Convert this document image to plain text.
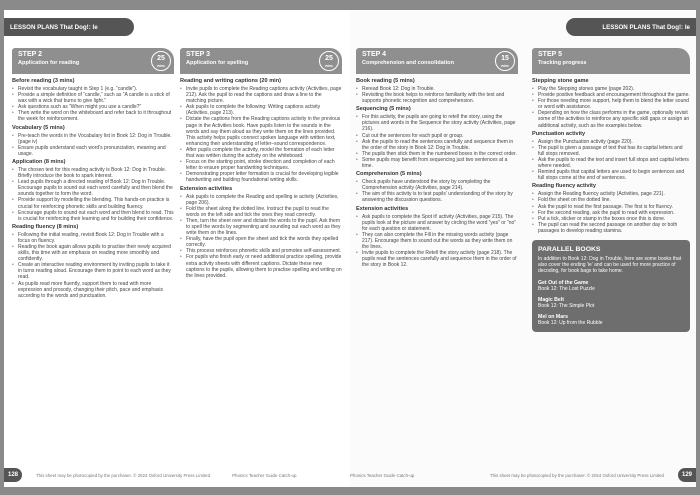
LESSON PLANS That Dog!: Ie
STEP 2
Application for reading
25
mins
Before reading (3 mins)
• Revisit the vocabulary taught in Step 1 (e.g. “candle”).
• Provide a simple definition of “candle,” such as “A candle is a stick of wax with a wick that burns to give light.”
• Ask questions such as “When might you use a candle?”
• Then write the word on the whiteboard and refer back to it throughout the week for reinforcement.
Vocabulary (5 mins)
• Pre-teach the words in the Vocabulary list in Book 12: Dog in Trouble. (page iv)
• Ensure pupils understand each word's pronunciation, meaning and usage.
Application (8 mins)
• The chosen text for this reading activity is Book 12: Dog in Trouble. Briefly introduce the book to spark interest.
• Lead pupils through a directed reading of Book 12: Dog in Trouble. Encourage pupils to sound out each word carefully and then blend the sounds together to form the word.
• Provide support by modelling the blending. This hands-on practice is crucial for reinforcing phonetic skills and building fluency.
• Encourage pupils to sound out each word and then blend to read. This is crucial for reinforcing their learning and for building their confidence.
Reading fluency (8 mins)
• Following the initial reading, revisit Book 12: Dog in Trouble with a focus on fluency.
• Reading the book again allows pupils to practise their newly acquired skills, this time with an emphasis on reading more smoothly and confidently.
• Create an interactive reading environment by inviting pupils to take it in turns reading aloud. Encourage them to point to each word as they read.
• As pupils read more fluently, support them to read with more expression and prosody, changing their pitch, pace and emphasis according to the words and punctuation.
STEP 3
Application for spelling
25
mins
Reading and writing captions (20 min)
• Invite pupils to complete the Reading captions activity (Activities, page 212). Ask the pupil to read the captions and draw a line to the matching picture.
• Ask pupils to complete the following: Writing captions activity (Activities, page 213).
• Dictate the captions from the Reading captions activity in the previous page in the Activities book. Have pupils listen to the sounds in the words and say them aloud as they write them on the lines provided. This activity helps pupils connect spoken language with written text, enhancing their understanding of letter–sound correspondence.
• After pupils complete the activity, model the formation of each letter that was written during the activity on the whiteboard.
• Focus on the starting point, stroke direction and completion of each letter to ensure proper handwriting techniques.
• Demonstrating proper letter formation is crucial for developing legible handwriting and building foundational writing skills.
Extension activities
• Ask pupils to complete the Reading and spelling ie activity (Activities, page 206).
• Fold the sheet along the dotted line. Instruct the pupil to read the words on the left side and tick the ones they read correctly.
• Then, turn the sheet over and dictate the words to the pupil. Ask them to spell the words by segmenting and sounding out each word as they write them on the lines.
• Finally, have the pupil open the sheet and tick the words they spelled correctly.
• This process reinforces phonetic skills and promotes self-assessment.
• For pupils who finish early or need additional practice spelling, provide extra activity sheets with different captions. Dictate these new captions to the pupils, allowing them to practise spelling and writing on the lines provided.
128	This sheet may be photocopied by the purchaser. © 2024 Oxford University Press Limited	Phonics Teacher Guide Catch-up
LESSON PLANS That Dog!: Ie
STEP 4
Comprehension and consolidation
15
mins
Book reading (5 mins)
• Reread Book 12: Dog in Trouble.
• Revisiting the book helps to reinforce familiarity with the text and supports phonetic recognition and comprehension.
Sequencing (5 mins)
• For this activity, the pupils are going to retell the story, using the pictures and words in the Sequence the story activity (Activities, page 216).
• Cut out the sentences for each pupil or group.
• Ask the pupils to read the sentences carefully and sequence them in the order of the story in Book 12: Dog in Trouble.
• The pupils then stick them in the numbered boxes in the correct order.
• Some pupils may benefit from sequencing just two sentences at a time.
Comprehension (5 mins)
• Check pupils have understood the story by completing the Comprehension activity (Activities, page 214).
• The aim of this activity is to test pupils' understanding of the story by answering the discussion questions.
Extension activities
• Ask pupils to complete the Spot it! activity (Activities, page 215). The pupils look at the picture and answer by circling the word “yes” or “no” for each question or statement.
• They can also complete the Fill in the missing words activity (page 217). Encourage them to sound out the words as they write them on the lines.
• Invite pupils to complete the Retell the story activity (page 218). The pupils read the sentences carefully and sequence them in the order of the story in Book 12.
STEP 5
Tracking progress
Stepping stone game
• Play the Stepping stones game (page 202).
• Provide positive feedback and encouragement throughout the game.
• For those needing more support, help them to blend the letter sound or word with assistance.
• Depending on how the class performs in the game, optionally revisit some of the activities to reinforce any specific skill gaps or assign an additional activity, such as the examples below.
Punctuation activity
• Assign the Punctuation activity (page 220).
• The pupil is given a passage of text that has its capital letters and full stops removed.
• Ask the pupils to read the text and insert full stops and capital letters where needed.
• Remind pupils that capital letters are used to begin sentences and full stops come at the end of sentences.
Reading fluency activity
• Assign the Reading fluency activity (Activities, page 221).
• Fold the sheet on the dotted line.
• Ask the pupil to read the first passage. The first is for fluency.
• For the second reading, ask the pupil to read with expression.
• Put a tick, sticker or stamp in the boxes once this is done.
• The pupil can read the second passage on another day or both passages to develop reading stamina.
PARALLEL BOOKS

In addition to Book 12: Dog in Trouble, here are some books that also cover the ending 'ie' and can be used for more practice of decoding, for book bags to take home.

Get Out of the Game

Book 12: The Lost Puzzle

Magic Belt

Book 12: The Simple Plot

Mel on Mars

Book 12: Up from the Rubble

Phonics Teacher Guide Catch-up	This sheet may be photocopied by the purchaser. © 2024 Oxford University Press Limited	129
